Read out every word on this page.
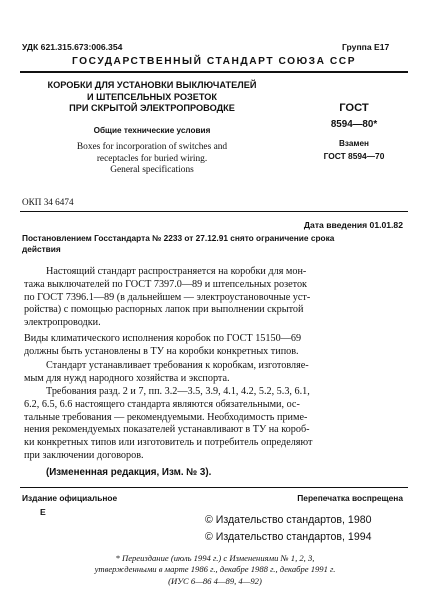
УДК 621.315.673:006.354	Группа Е17
ГОСУДАРСТВЕННЫЙ СТАНДАРТ СОЮЗА ССР
КОРОБКИ ДЛЯ УСТАНОВКИ ВЫКЛЮЧАТЕЛЕЙ
И ШТЕПСЕЛЬНЫХ РОЗЕТОК
ПРИ СКРЫТОЙ ЭЛЕКТРОПРОВОДКЕ
Общие технические условия
Boxes for incorporation of switches and
receptacles for buried wiring.
General specifications
ГОСТ
8594—80*
Взамен
ГОСТ 8594—70
ОКП 34 6474
Дата введения 01.01.82
Постановлением Госстандарта № 2233 от 27.12.91 снято ограничение срока
действия
Настоящий стандарт распространяется на коробки для мон-
тажа выключателей по ГОСТ 7397.0—89 и штепсельных розеток
по ГОСТ 7396.1—89 (в дальнейшем — электроустановочные уст-
ройства) с помощью распорных лапок при выполнении скрытой
электропроводки.
Виды климатического исполнения коробок по ГОСТ 15150—69
должны быть установлены в ТУ на коробки конкретных типов.
Стандарт устанавливает требования к коробкам, изготовляе-
мым для нужд народного хозяйства и экспорта.
Требования разд. 2 и 7, пп. 3.2—3.5, 3.9, 4.1, 4.2, 5.2, 5.3, 6.1,
6.2, 6.5, 6.6 настоящего стандарта являются обязательными, ос-
тальные требования — рекомендуемыми. Необходимость приме-
нения рекомендуемых показателей устанавливают в ТУ на короб-
ки конкретных типов или изготовитель и потребитель определяют
при заключении договоров.
(Измененная редакция, Изм. № 3).
Издание официальное
Е
Перепечатка воспрещена
© Издательство стандартов, 1980
© Издательство стандартов, 1994
* Переиздание (июль 1994 г.) с Изменениями № 1, 2, 3,
утвержденными в марте 1986 г., декабре 1988 г., декабре 1991 г.
(ИУС 6—86 4—89, 4—92)
